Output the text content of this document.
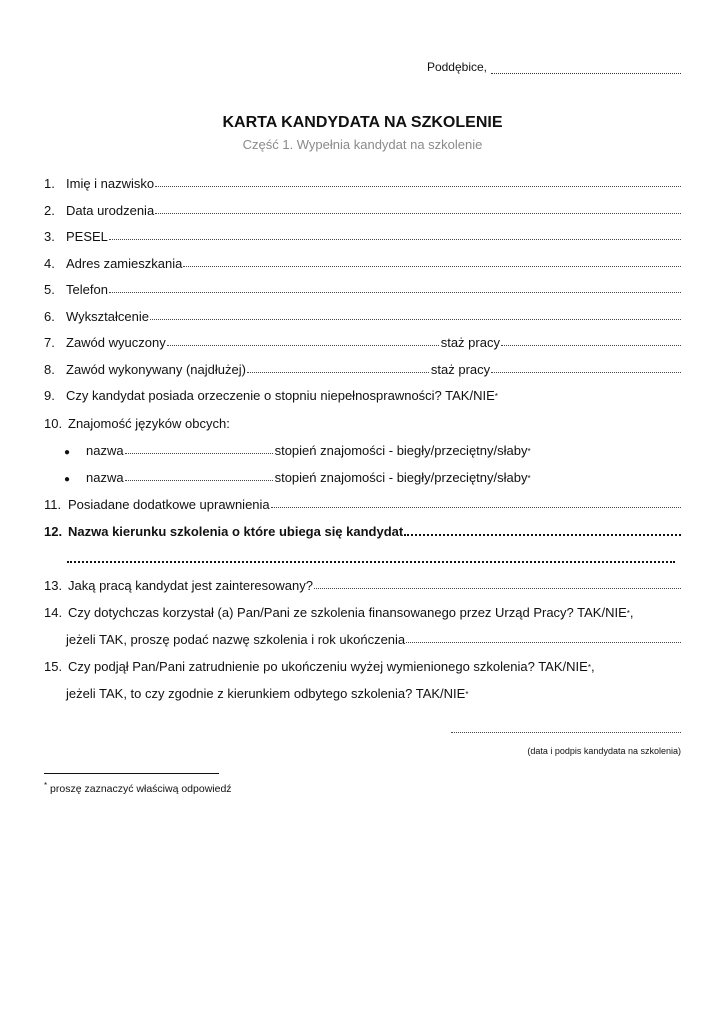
Poddębice,
KARTA KANDYDATA NA SZKOLENIE
Część 1. Wypełnia kandydat na szkolenie
1. Imię i nazwisko
2. Data urodzenia
3. PESEL
4. Adres zamieszkania
5. Telefon
6. Wykształcenie
7. Zawód wyuczony	staż pracy
8. Zawód wykonywany (najdłużej)	staż pracy
9. Czy kandydat posiada orzeczenie o stopniu niepełnosprawności? TAK/NIE*
10. Znajomość języków obcych:
●	nazwa	stopień znajomości - biegły/przeciętny/słaby*
●	nazwa	stopień znajomości - biegły/przeciętny/słaby*
11. Posiadane dodatkowe uprawnienia
12. Nazwa kierunku szkolenia o które ubiega się kandydat
13. Jaką pracą kandydat jest zainteresowany?
14. Czy dotychczas korzystał (a) Pan/Pani ze szkolenia finansowanego przez Urząd Pracy? TAK/NIE* ,
jeżeli TAK, proszę podać nazwę szkolenia i rok ukończenia
15. Czy podjął Pan/Pani zatrudnienie po ukończeniu wyżej wymienionego szkolenia? TAK/NIE* ,
jeżeli TAK, to czy zgodnie z kierunkiem odbytego szkolenia? TAK/NIE*
(data i podpis kandydata na szkolenia)
* proszę zaznaczyć właściwą odpowiedź
